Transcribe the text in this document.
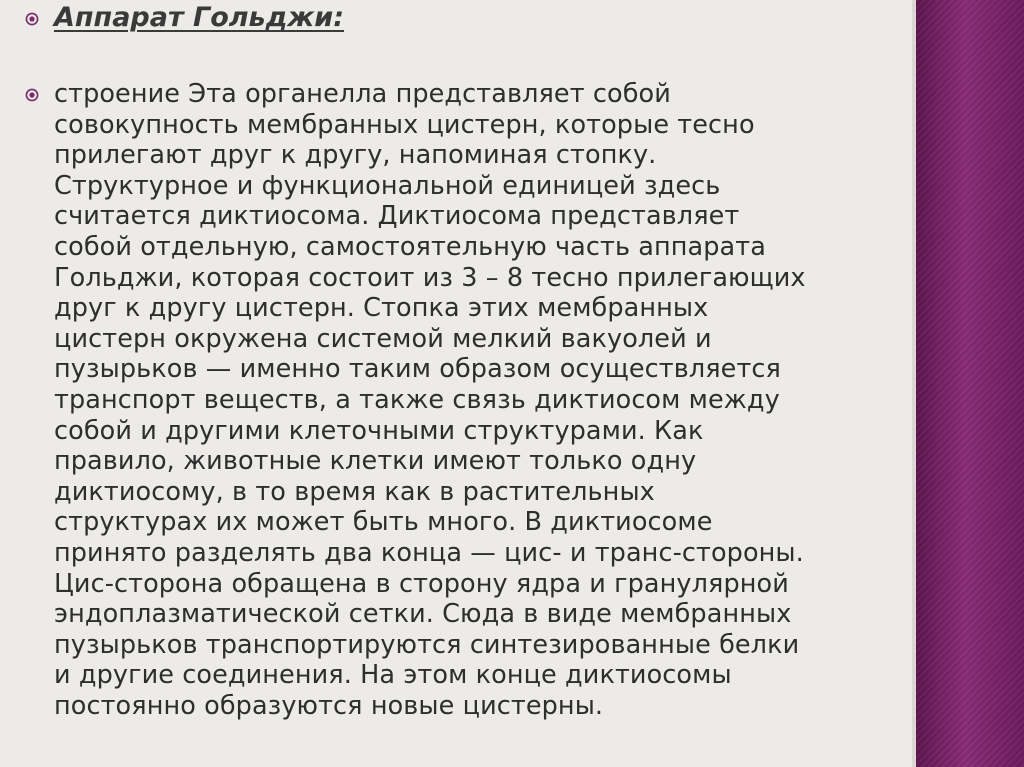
Аппарат Гольджи:
строение Эта органелла представляет собой
совокупность мембранных цистерн, которые тесно
прилегают друг к другу, напоминая стопку.
Структурное и функциональной единицей здесь
считается диктиосома. Диктиосома представляет
собой отдельную, самостоятельную часть аппарата
Гольджи, которая состоит из 3 – 8 тесно прилегающих
друг к другу цистерн. Стопка этих мембранных
цистерн окружена системой мелкий вакуолей и
пузырьков — именно таким образом осуществляется
транспорт веществ, а также связь диктиосом между
собой и другими клеточными структурами. Как
правило, животные клетки имеют только одну
диктиосому, в то время как в растительных
структурах их может быть много. В диктиосоме
принято разделять два конца — цис- и транс-стороны.
Цис-сторона обращена в сторону ядра и гранулярной
эндоплазматической сетки. Сюда в виде мембранных
пузырьков транспортируются синтезированные белки
и другие соединения. На этом конце диктиосомы
постоянно образуются новые цистерны.
